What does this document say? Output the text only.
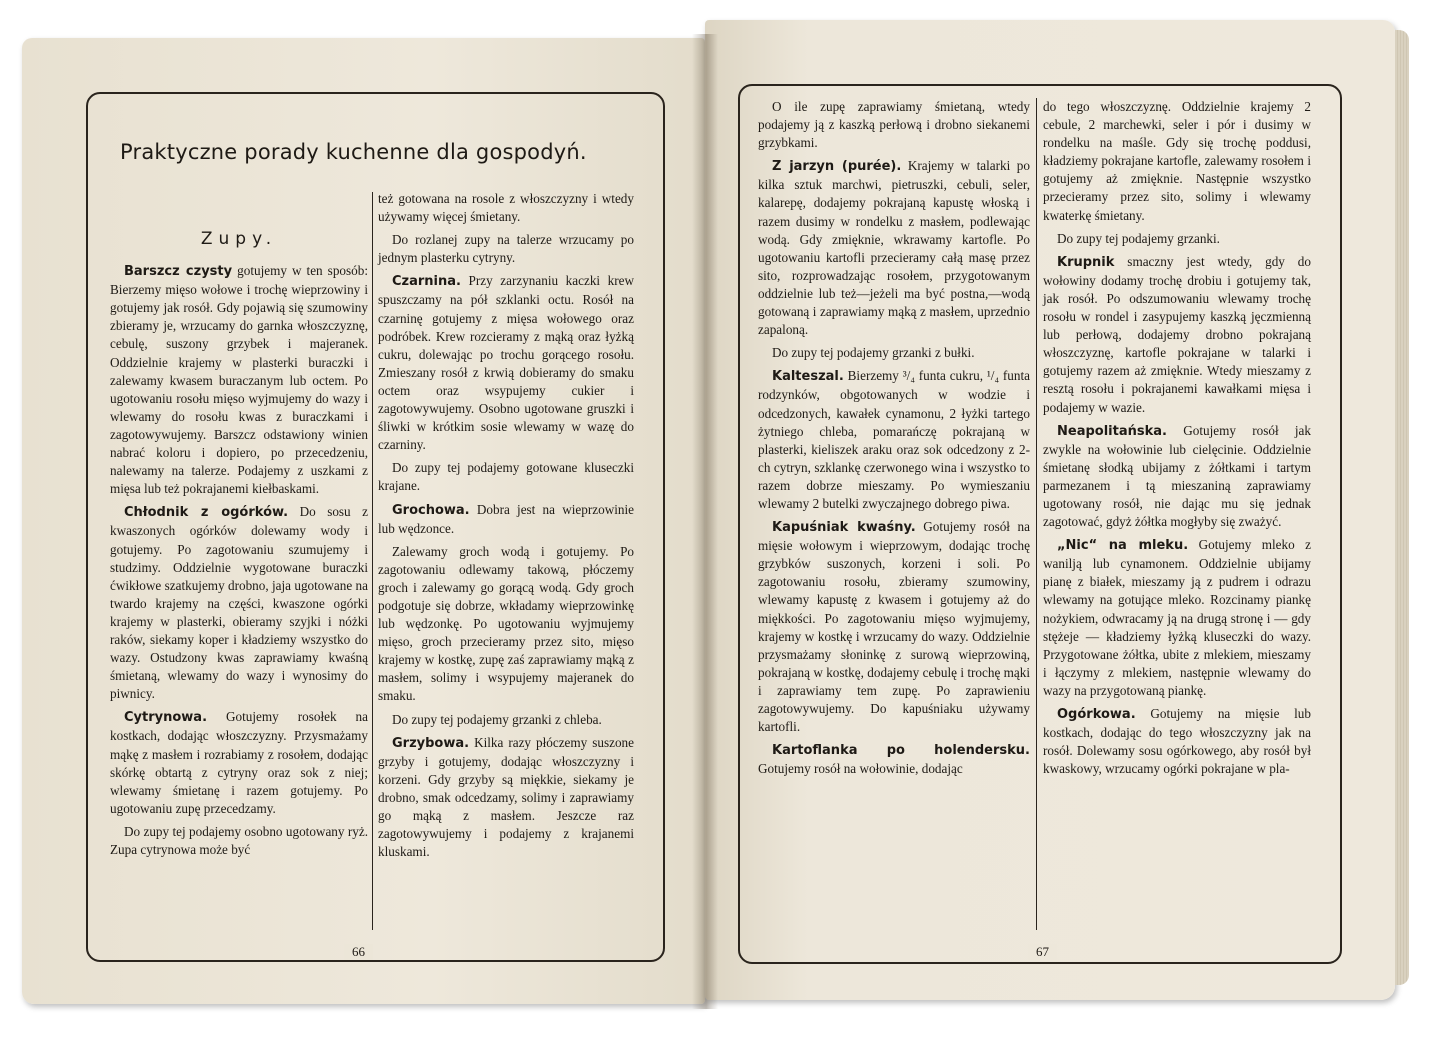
Praktyczne porady kuchenne dla gospodyń.
Zupy.

Barszcz czysty gotujemy w ten sposób: Bierzemy mięso wołowe i trochę wieprzowiny i gotujemy jak rosół. Gdy pojawią się szumowiny zbieramy je, wrzucamy do garnka włoszczyznę, cebulę, suszony grzybek i majeranek. Oddzielnie krajemy w plasterki buraczki i zalewamy kwasem buraczanym lub octem. Po ugotowaniu rosołu mięso wyjmujemy do wazy i wlewamy do rosołu kwas z buraczkami i zagotowywujemy. Barszcz odstawiony winien nabrać koloru i dopiero, po przecedzeniu, nalewamy na talerze. Podajemy z uszkami z mięsa lub też pokrajanemi kiełbaskami.

Chłodnik z ogórków. Do sosu z kwaszonych ogórków dolewamy wody i gotujemy. Po zagotowaniu szumujemy i studzimy. Oddzielnie wygotowane buraczki ćwikłowe szatkujemy drobno, jaja ugotowane na twardo krajemy na części, kwaszone ogórki krajemy w plasterki, obieramy szyjki i nóżki raków, siekamy koper i kładziemy wszystko do wazy. Ostudzony kwas zaprawiamy kwaśną śmietaną, wlewamy do wazy i wynosimy do piwnicy.

Cytrynowa. Gotujemy rosołek na kostkach, dodając włoszczyzny. Przysmażamy mąkę z masłem i rozrabiamy z rosołem, dodając skórkę obtartą z cytryny oraz sok z niej; wlewamy śmietanę i razem gotujemy. Po ugotowaniu zupę przecedzamy.

Do zupy tej podajemy osobno ugotowany ryż. Zupa cytrynowa może być

też gotowana na rosole z włoszczyzny i wtedy używamy więcej śmietany.

Do rozlanej zupy na talerze wrzucamy po jednym plasterku cytryny.

Czarnina. Przy zarzynaniu kaczki krew spuszczamy na pół szklanki octu. Rosół na czarninę gotujemy z mięsa wołowego oraz podróbek. Krew rozcieramy z mąką oraz łyżką cukru, dolewając po trochu gorącego rosołu. Zmieszany rosół z krwią dobieramy do smaku octem oraz wsypujemy cukier i zagotowywujemy. Osobno ugotowane gruszki i śliwki w krótkim sosie wlewamy w wazę do czarniny.

Do zupy tej podajemy gotowane kluseczki krajane.

Grochowa. Dobra jest na wieprzowinie lub wędzonce.

Zalewamy groch wodą i gotujemy. Po zagotowaniu odlewamy takową, płóczemy groch i zalewamy go gorącą wodą. Gdy groch podgotuje się dobrze, wkładamy wieprzowinkę lub wędzonkę. Po ugotowaniu wyjmujemy mięso, groch przecieramy przez sito, mięso krajemy w kostkę, zupę zaś zaprawiamy mąką z masłem, solimy i wsypujemy majeranek do smaku.

Do zupy tej podajemy grzanki z chleba.

Grzybowa. Kilka razy płóczemy suszone grzyby i gotujemy, dodając włoszczyzny i korzeni. Gdy grzyby są miękkie, siekamy je drobno, smak odcedzamy, solimy i zaprawiamy go mąką z masłem. Jeszcze raz zagotowywujemy i podajemy z krajanemi kluskami.

O ile zupę zaprawiamy śmietaną, wtedy podajemy ją z kaszką perłową i drobno siekanemi grzybkami.

Z jarzyn (purée). Krajemy w talarki po kilka sztuk marchwi, pietruszki, cebuli, seler, kalarepę, dodajemy pokrajaną kapustę włoską i razem dusimy w rondelku z masłem, podlewając wodą. Gdy zmięknie, wkrawamy kartofle. Po ugotowaniu kartofli przecieramy całą masę przez sito, rozprowadzając rosołem, przygotowanym oddzielnie lub też—jeżeli ma być postna,—wodą gotowaną i zaprawiamy mąką z masłem, uprzednio zapaloną.

Do zupy tej podajemy grzanki z bułki.

Kalteszal. Bierzemy ³/₄ funta cukru, ¹/₄ funta rodzynków, obgotowanych w wodzie i odcedzonych, kawałek cynamonu, 2 łyżki tartego żytniego chleba, pomarańczę pokrajaną w plasterki, kieliszek araku oraz sok odcedzony z 2-ch cytryn, szklankę czerwonego wina i wszystko to razem dobrze mieszamy. Po wymieszaniu wlewamy 2 butelki zwyczajnego dobrego piwa.

Kapuśniak kwaśny. Gotujemy rosół na mięsie wołowym i wieprzowym, dodając trochę grzybków suszonych, korzeni i soli. Po zagotowaniu rosołu, zbieramy szumowiny, wlewamy kapustę z kwasem i gotujemy aż do miękkości. Po zagotowaniu mięso wyjmujemy, krajemy w kostkę i wrzucamy do wazy. Oddzielnie przysmażamy słoninkę z surową wieprzowiną, pokrajaną w kostkę, dodajemy cebulę i trochę mąki i zaprawiamy tem zupę. Po zaprawieniu zagotowywujemy. Do kapuśniaku używamy kartofli.

Kartoflanka po holendersku. Gotujemy rosół na wołowinie, dodając

do tego włoszczyznę. Oddzielnie krajemy 2 cebule, 2 marchewki, seler i pór i dusimy w rondelku na maśle. Gdy się trochę poddusi, kładziemy pokrajane kartofle, zalewamy rosołem i gotujemy aż zmięknie. Następnie wszystko przecieramy przez sito, solimy i wlewamy kwaterkę śmietany.

Do zupy tej podajemy grzanki.

Krupnik smaczny jest wtedy, gdy do wołowiny dodamy trochę drobiu i gotujemy tak, jak rosół. Po odszumowaniu wlewamy trochę rosołu w rondel i zasypujemy kaszką jęczmienną lub perłową, dodajemy drobno pokrajaną włoszczyznę, kartofle pokrajane w talarki i gotujemy razem aż zmięknie. Wtedy mieszamy z resztą rosołu i pokrajanemi kawałkami mięsa i podajemy w wazie.

Neapolitańska. Gotujemy rosół jak zwykle na wołowinie lub cielęcinie. Oddzielnie śmietanę słodką ubijamy z żółtkami i tartym parmezanem i tą mieszaniną zaprawiamy ugotowany rosół, nie dając mu się jednak zagotować, gdyż żółtka mogłyby się zważyć.

„Nic“ na mleku. Gotujemy mleko z wanilją lub cynamonem. Oddzielnie ubijamy pianę z białek, mieszamy ją z pudrem i odrazu wlewamy na gotujące mleko. Rozcinamy piankę nożykiem, odwracamy ją na drugą stronę i — gdy stężeje — kładziemy łyżką kluseczki do wazy. Przygotowane żółtka, ubite z mlekiem, mieszamy i łączymy z mlekiem, następnie wlewamy do wazy na przygotowaną piankę.

Ogórkowa. Gotujemy na mięsie lub kostkach, dodając do tego włoszczyzny jak na rosół. Dolewamy sosu ogórkowego, aby rosół był kwaskowy, wrzucamy ogórki pokrajane w pla-

66	67
